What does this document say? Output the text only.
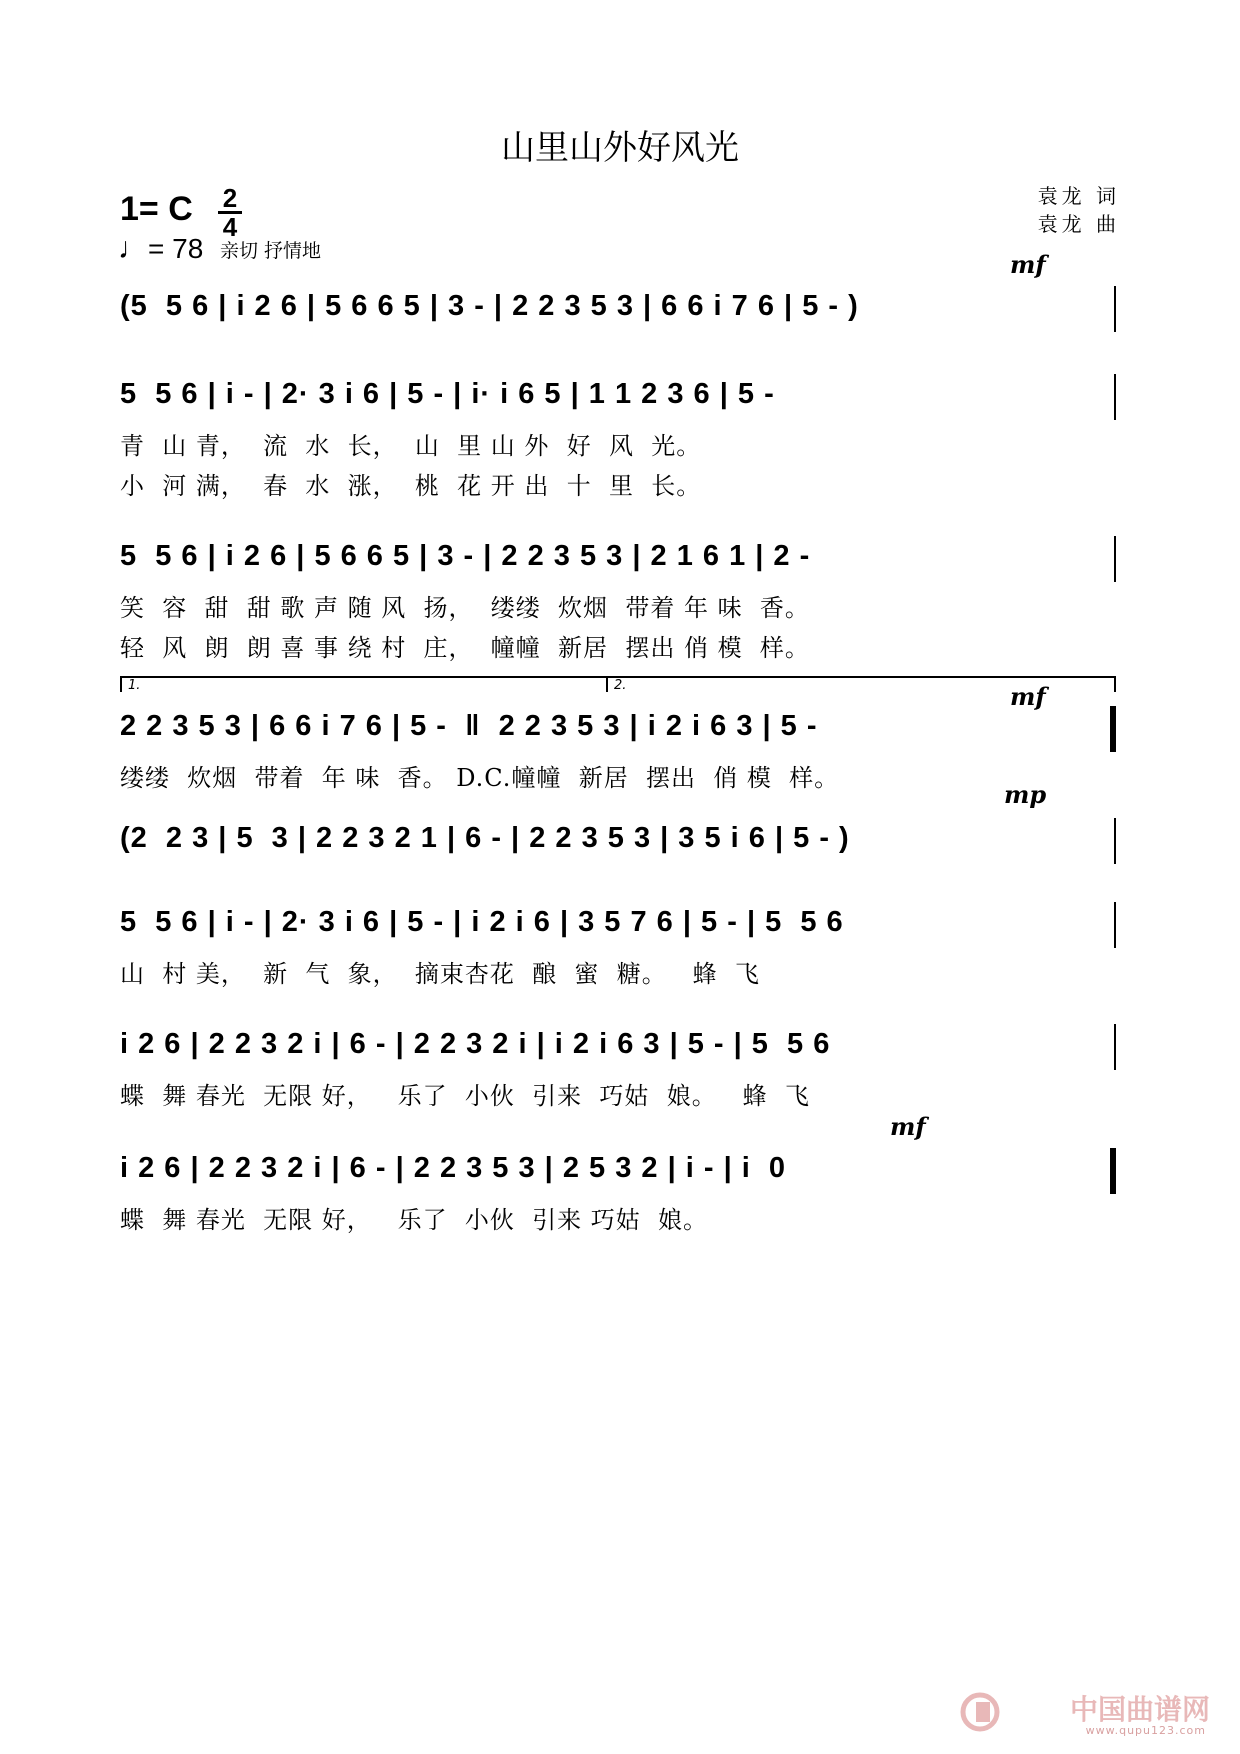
山里山外好风光
1= C 2
4
♩= 78 亲切 抒情地
袁龙 词
袁龙 曲
mf
(5  5 6 | i 2 6 | 5 6 6 5 | 3 - | 2 2 3 5 3 | 6 6 i 7 6 | 5 - )
5  5 6 | i - | 2· 3 i 6 | 5 - | i· i 6 5 | 1 1 2 3 6 | 5 -
青  山 青，  流  水  长，  山  里 山 外  好  风  光。
小  河 满，  春  水  涨，  桃  花 开 出  十  里  长。
5  5 6 | i 2 6 | 5 6 6 5 | 3 - | 2 2 3 5 3 | 2 1 6 1 | 2 -
笑  容  甜  甜 歌 声 随 风  扬，  缕缕  炊烟  带着 年 味  香。
轻  风  朗  朗 喜 事 绕 村  庄，  幢幢  新居  摆出 俏 模  样。
1.	2.	mf
2 2 3 5 3 | 6 6 i 7 6 | 5 -  ‖  2 2 3 5 3 | i 2 i 6 3 | 5 -
缕缕  炊烟  带着  年 味  香。 D.C.幢幢  新居  摆出  俏 模  样。
mp
(2  2 3 | 5  3 | 2 2 3 2 1 | 6 - | 2 2 3 5 3 | 3 5 i 6 | 5 - )
5  5 6 | i - | 2· 3 i 6 | 5 - | i 2 i 6 | 3 5 7 6 | 5 - | 5  5 6
山  村 美，  新  气  象，  摘束杏花  酿  蜜  糖。   蜂  飞
i 2 6 | 2 2 3 2 i | 6 - | 2 2 3 2 i | i 2 i 6 3 | 5 - | 5  5 6
蝶  舞 春光  无限 好，   乐了  小伙  引来  巧姑  娘。   蜂  飞
mf
i 2 6 | 2 2 3 2 i | 6 - | 2 2 3 5 3 | 2 5 3 2 | i - | i  0
蝶  舞 春光  无限 好，   乐了  小伙  引来 巧姑  娘。
中国曲谱网
www.qupu123.com
